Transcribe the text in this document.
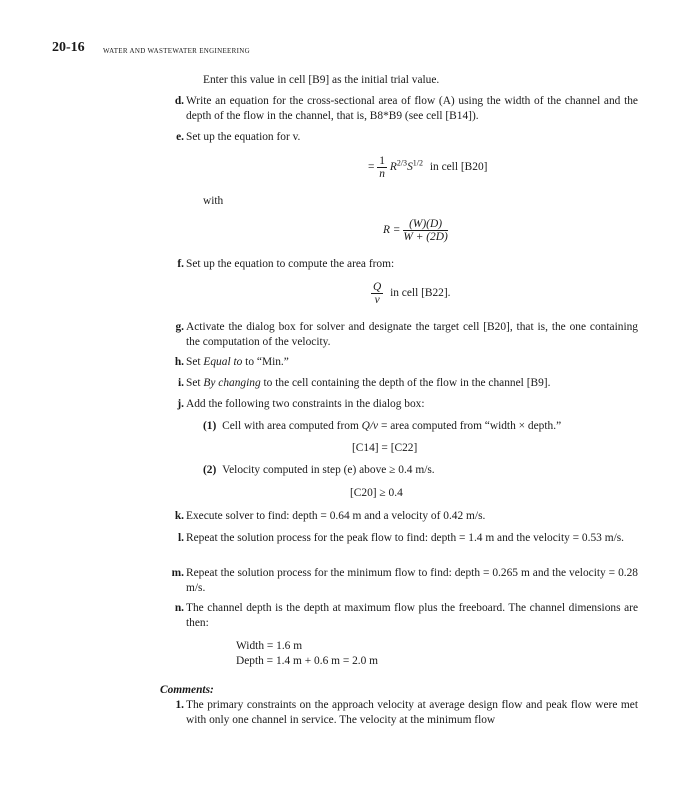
20-16	WATER AND WASTEWATER ENGINEERING
Enter this value in cell [B9] as the initial trial value.
d. Write an equation for the cross-sectional area of flow (A) using the width of the channel and the depth of the flow in the channel, that is, B8*B9 (see cell [B14]).
e. Set up the equation for v.
= $\frac{1}{n} R^{2/3}S^{1/2}$ in cell [B20]
with
$R = \frac{(W)(D)}{W + (2D)}$
f. Set up the equation to compute the area from:
$\frac{Q}{v}$ in cell [B22].
g. Activate the dialog box for solver and designate the target cell [B20], that is, the one containing the computation of the velocity.
h. Set Equal to to “Min.”
i. Set By changing to the cell containing the depth of the flow in the channel [B9].
j. Add the following two constraints in the dialog box:
(1) Cell with area computed from Q/v = area computed from “width × depth.”
[C14] = [C22]
(2) Velocity computed in step (e) above ≥ 0.4 m/s.
[C20] ≥ 0.4
k. Execute solver to find: depth = 0.64 m and a velocity of 0.42 m/s.
l. Repeat the solution process for the peak flow to find: depth = 1.4 m and the velocity = 0.53 m/s.
m. Repeat the solution process for the minimum flow to find: depth = 0.265 m and the velocity = 0.28 m/s.
n. The channel depth is the depth at maximum flow plus the freeboard. The channel dimensions are then:
Width = 1.6 m
Depth = 1.4 m + 0.6 m = 2.0 m
Comments:
1. The primary constraints on the approach velocity at average design flow and peak flow were met with only one channel in service. The velocity at the minimum flow
